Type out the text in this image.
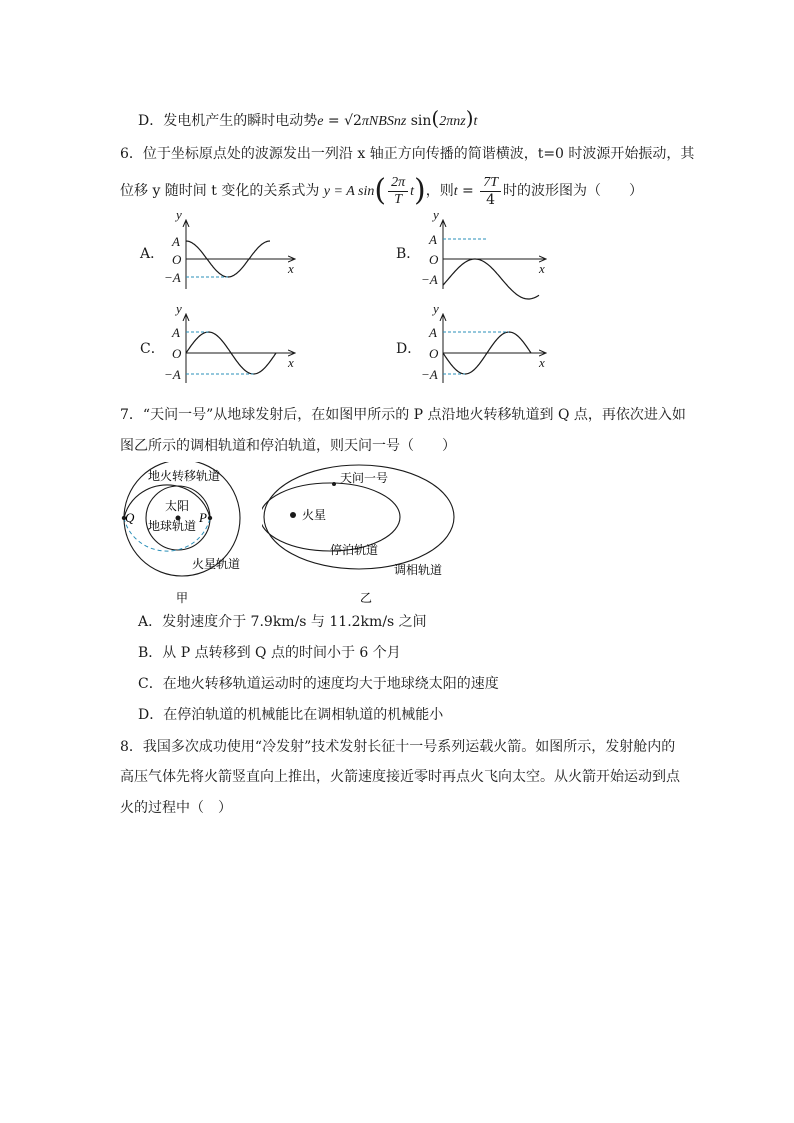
D．发电机产生的瞬时电动势e = √2πNBSnz sin(2πnz)t
6．位于坐标原点处的波源发出一列沿 x 轴正方向传播的简谐横波，t=0 时波源开始振动，其
位移 y 随时间 t 变化的关系式为 y = A $\sin( \frac{2\pi}{T} t)$，则$t = \frac{7T}{4}$ 时的波形图为（　　）
A．	B．
C．	D．
y
x
A
O
−A
y
x
A
O
−A
y
x
A
O
−A
y
x
A
O
−A
7．“天问一号”从地球发射后，在如图甲所示的 P 点沿地火转移轨道到 Q 点，再依次进入如
图乙所示的调相轨道和停泊轨道，则天问一号（　　）
Q	P
太阳
地火转移轨道
地球轨道
火星轨道
甲
天问一号
火星
停泊轨道
调相轨道
乙
A．发射速度介于 7.9km/s 与 11.2km/s 之间
B．从 P 点转移到 Q 点的时间小于 6 个月
C．在地火转移轨道运动时的速度均大于地球绕太阳的速度
D．在停泊轨道的机械能比在调相轨道的机械能小
8．我国多次成功使用“冷发射”技术发射长征十一号系列运载火箭。如图所示，发射舱内的
高压气体先将火箭竖直向上推出，火箭速度接近零时再点火飞向太空。从火箭开始运动到点
火的过程中（　）
